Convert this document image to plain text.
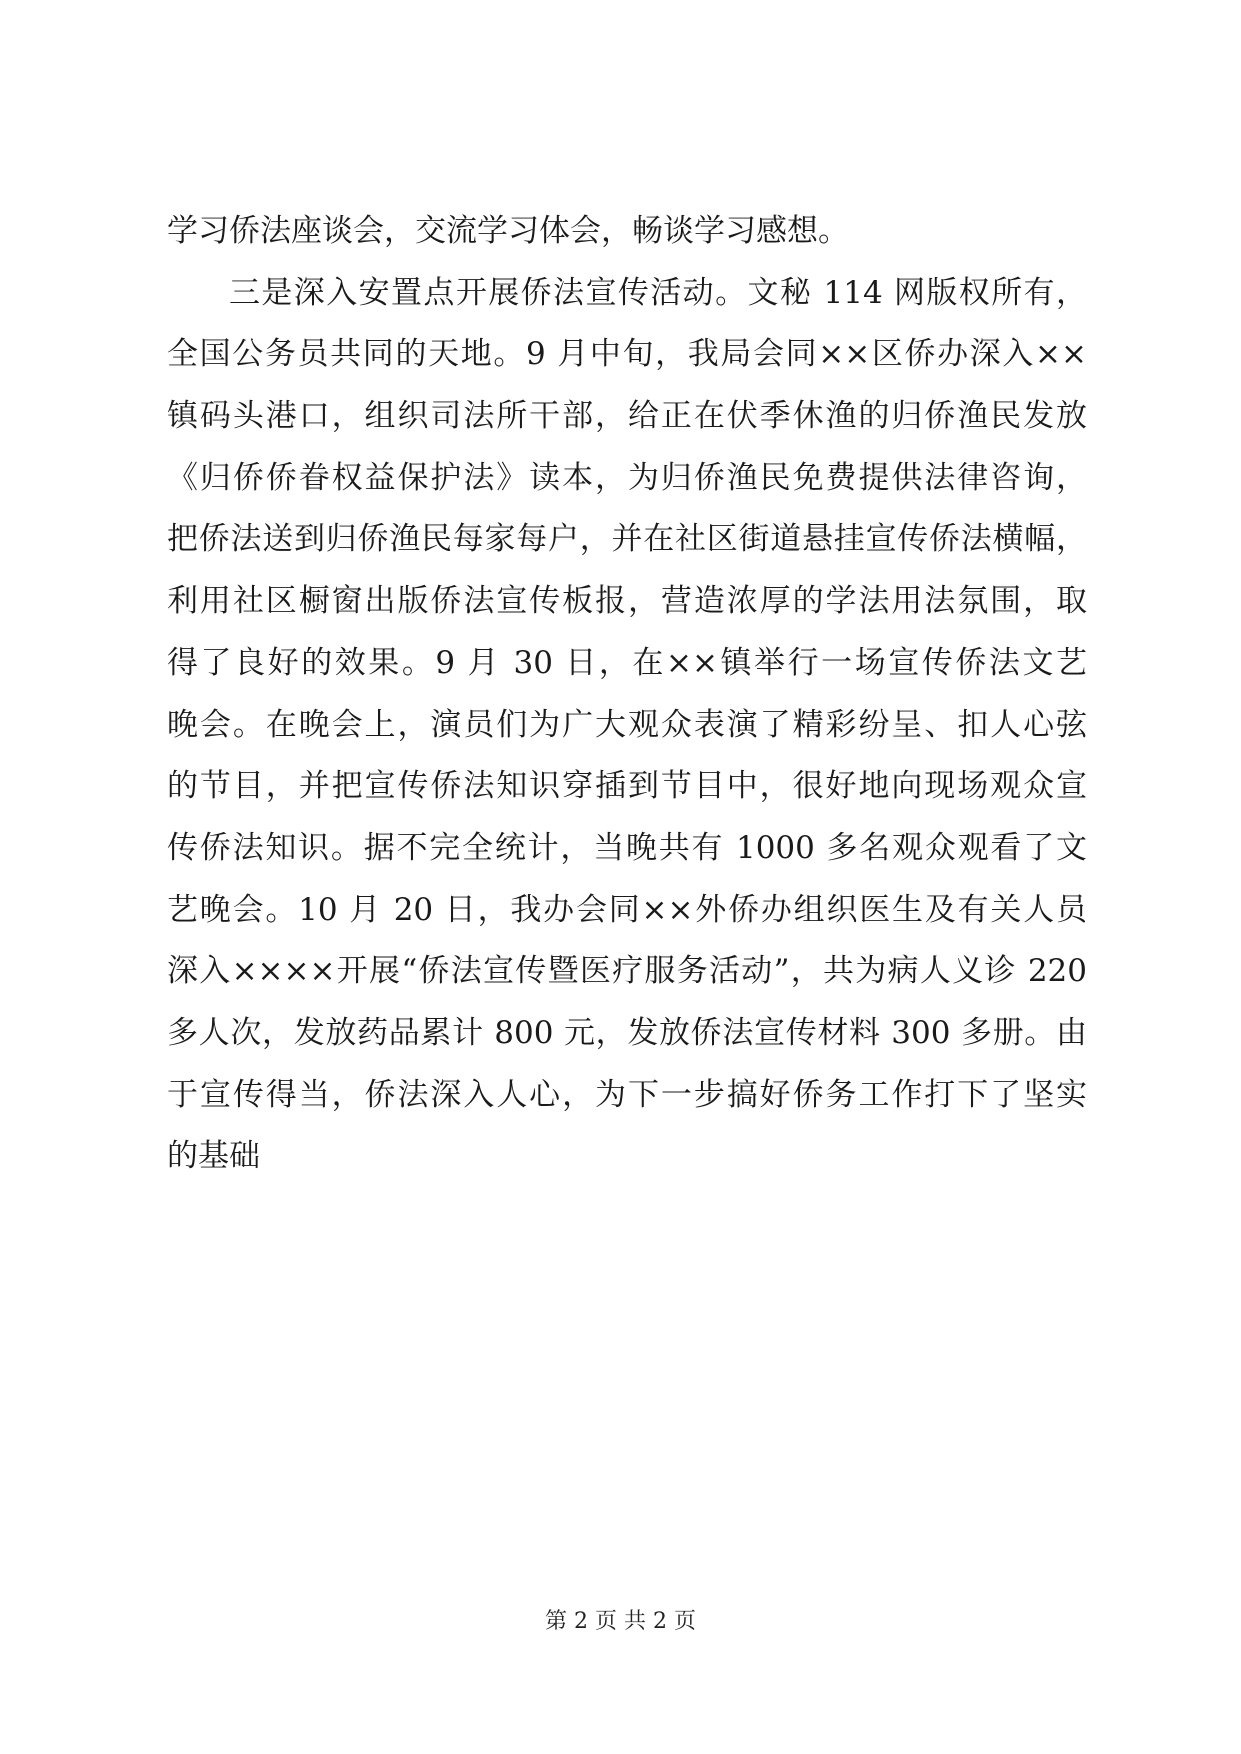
学习侨法座谈会，交流学习体会，畅谈学习感想。
三是深入安置点开展侨法宣传活动。文秘 114 网版权所有，
全国公务员共同的天地。9 月中旬，我局会同××区侨办深入××
镇码头港口，组织司法所干部，给正在伏季休渔的归侨渔民发放
《归侨侨眷权益保护法》读本，为归侨渔民免费提供法律咨询，
把侨法送到归侨渔民每家每户，并在社区街道悬挂宣传侨法横幅，
利用社区橱窗出版侨法宣传板报，营造浓厚的学法用法氛围，取
得了良好的效果。9 月 30 日，在××镇举行一场宣传侨法文艺
晚会。在晚会上，演员们为广大观众表演了精彩纷呈、扣人心弦
的节目，并把宣传侨法知识穿插到节目中，很好地向现场观众宣
传侨法知识。据不完全统计，当晚共有 1000 多名观众观看了文
艺晚会。10 月 20 日，我办会同××外侨办组织医生及有关人员
深入××××开展“侨法宣传暨医疗服务活动”，共为病人义诊 220
多人次，发放药品累计 800 元，发放侨法宣传材料 300 多册。由
于宣传得当，侨法深入人心，为下一步搞好侨务工作打下了坚实
的基础
第 2 页 共 2 页
